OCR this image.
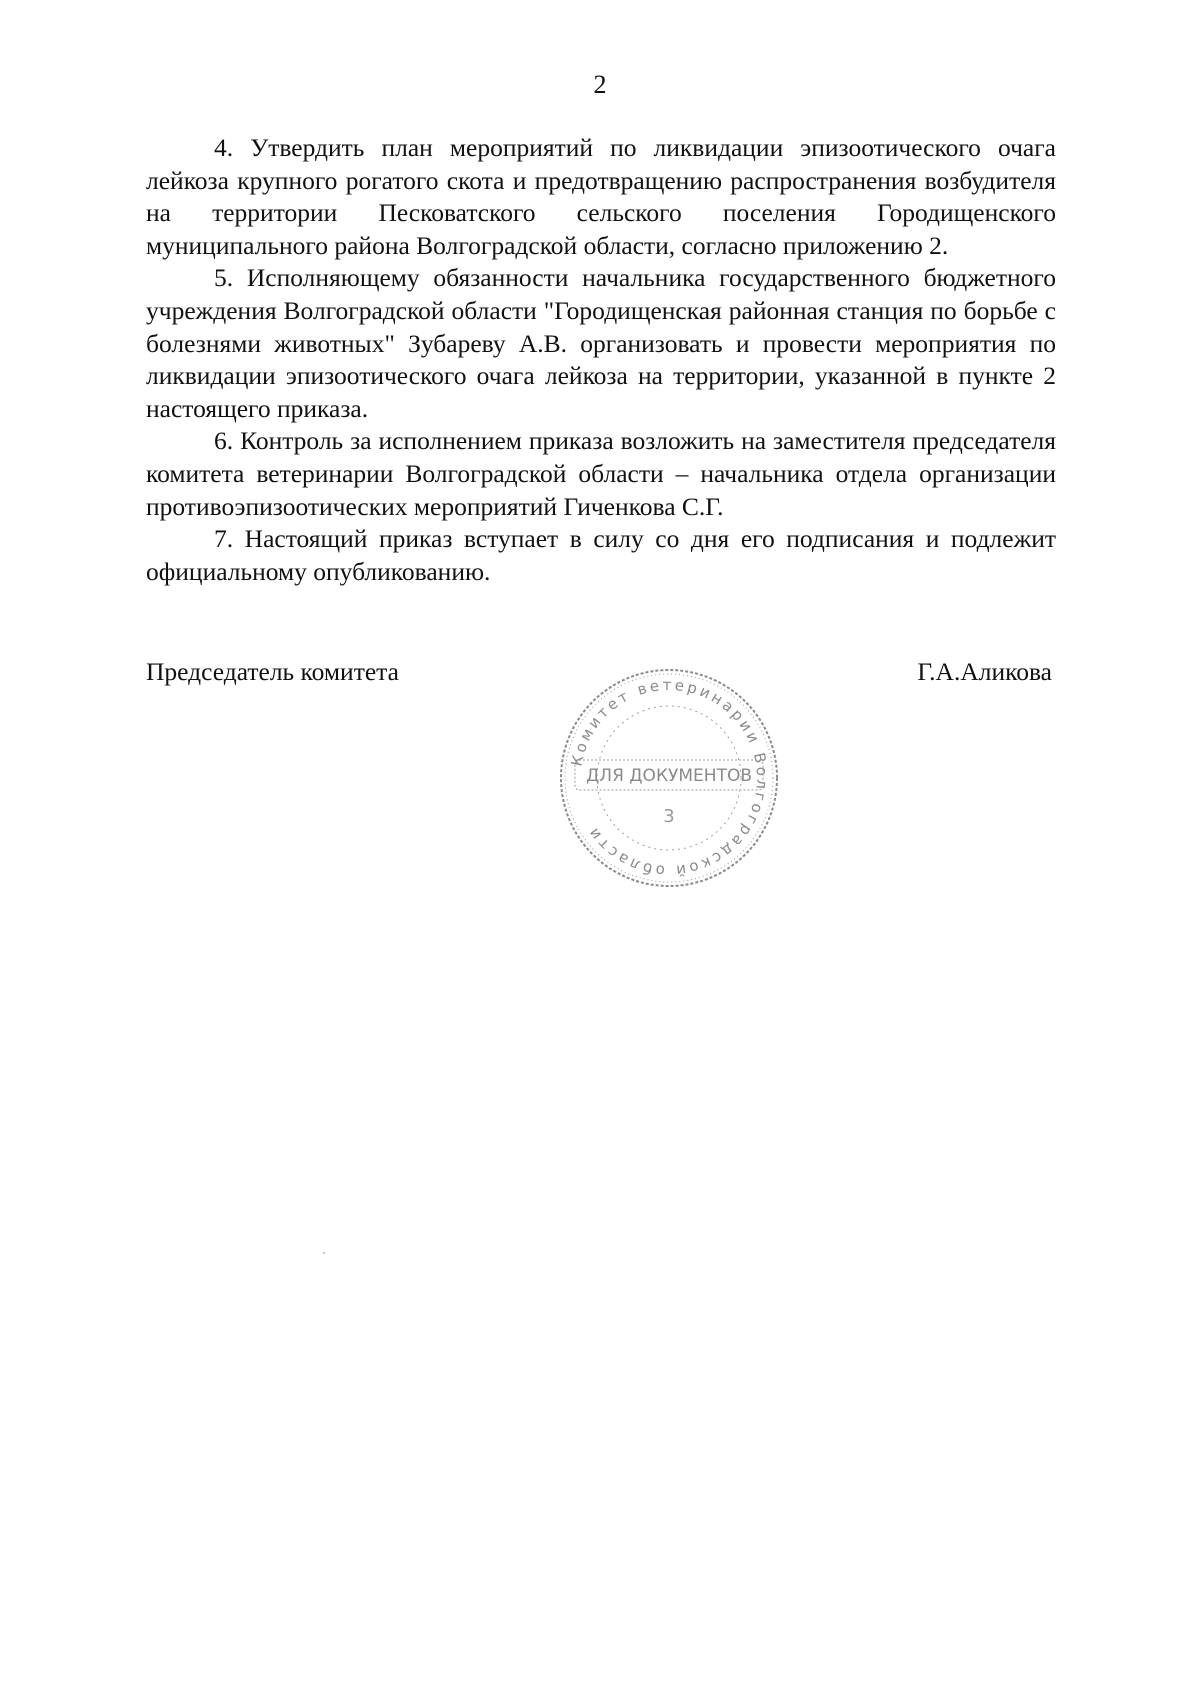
2

4. Утвердить план мероприятий по ликвидации эпизоотического очага лейкоза крупного рогатого скота и предотвращению распространения возбудителя на территории Песковатского сельского поселения Городищенского муниципального района Волгоградской области, согласно приложению 2.

5. Исполняющему обязанности начальника государственного бюджетного учреждения Волгоградской области "Городищенская районная станция по борьбе с болезнями животных" Зубареву А.В. организовать и провести мероприятия по ликвидации эпизоотического очага лейкоза на территории, указанной в пункте 2 настоящего приказа.

6. Контроль за исполнением приказа возложить на заместителя председателя комитета ветеринарии Волгоградской области – начальника отдела организации противоэпизоотических мероприятий Гиченкова С.Г.

7. Настоящий приказ вступает в силу со дня его подписания и подлежит официальному опубликованию.

Председатель комитета	Г.А.Аликова
Комитет ветеринарии Волгоградской области
ДЛЯ ДОКУМЕНТОВ
3
